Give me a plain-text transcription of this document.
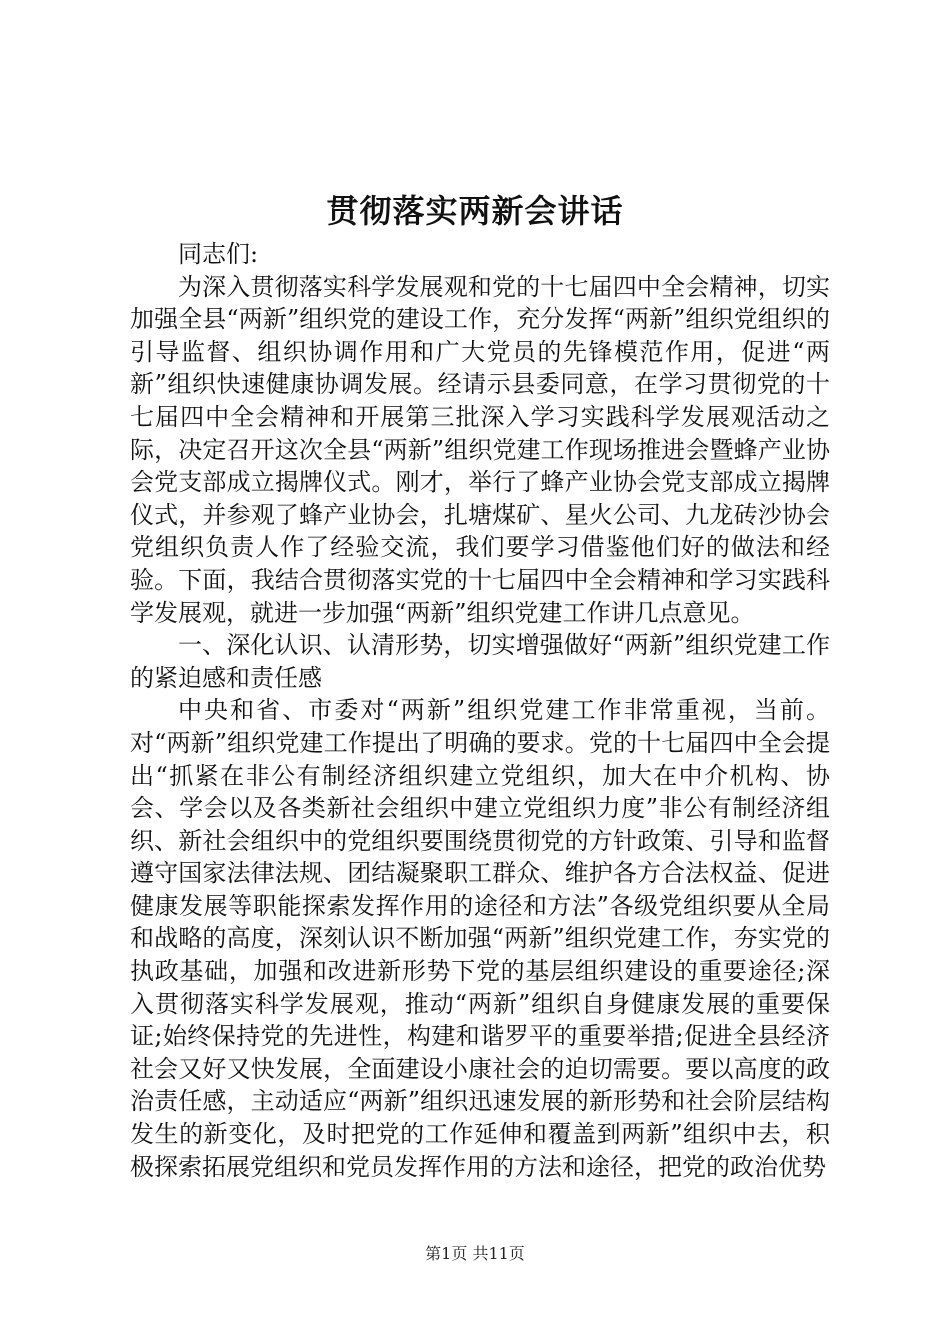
贯彻落实两新会讲话

同志们:

为深入贯彻落实科学发展观和党的十七届四中全会精神，切实加强全县“两新”组织党的建设工作，充分发挥“两新”组织党组织的引导监督、组织协调作用和广大党员的先锋模范作用，促进“两新”组织快速健康协调发展。经请示县委同意，在学习贯彻党的十七届四中全会精神和开展第三批深入学习实践科学发展观活动之际，决定召开这次全县“两新”组织党建工作现场推进会暨蜂产业协会党支部成立揭牌仪式。刚才，举行了蜂产业协会党支部成立揭牌仪式，并参观了蜂产业协会，扎塘煤矿、星火公司、九龙砖沙协会党组织负责人作了经验交流，我们要学习借鉴他们好的做法和经验。下面，我结合贯彻落实党的十七届四中全会精神和学习实践科学发展观，就进一步加强“两新”组织党建工作讲几点意见。

一、深化认识、认清形势，切实增强做好“两新”组织党建工作的紧迫感和责任感

中央和省、市委对“两新”组织党建工作非常重视，当前。对“两新”组织党建工作提出了明确的要求。党的十七届四中全会提出“抓紧在非公有制经济组织建立党组织，加大在中介机构、协会、学会以及各类新社会组织中建立党组织力度”非公有制经济组织、新社会组织中的党组织要围绕贯彻党的方针政策、引导和监督遵守国家法律法规、团结凝聚职工群众、维护各方合法权益、促进健康发展等职能探索发挥作用的途径和方法”各级党组织要从全局和战略的高度，深刻认识不断加强“两新”组织党建工作，夯实党的执政基础，加强和改进新形势下党的基层组织建设的重要途径;深入贯彻落实科学发展观，推动“两新”组织自身健康发展的重要保证;始终保持党的先进性，构建和谐罗平的重要举措;促进全县经济社会又好又快发展，全面建设小康社会的迫切需要。要以高度的政治责任感，主动适应“两新”组织迅速发展的新形势和社会阶层结构发生的新变化，及时把党的工作延伸和覆盖到两新”组织中去，积极探索拓展党组织和党员发挥作用的方法和途径，把党的政治优势

第1页 共11页
